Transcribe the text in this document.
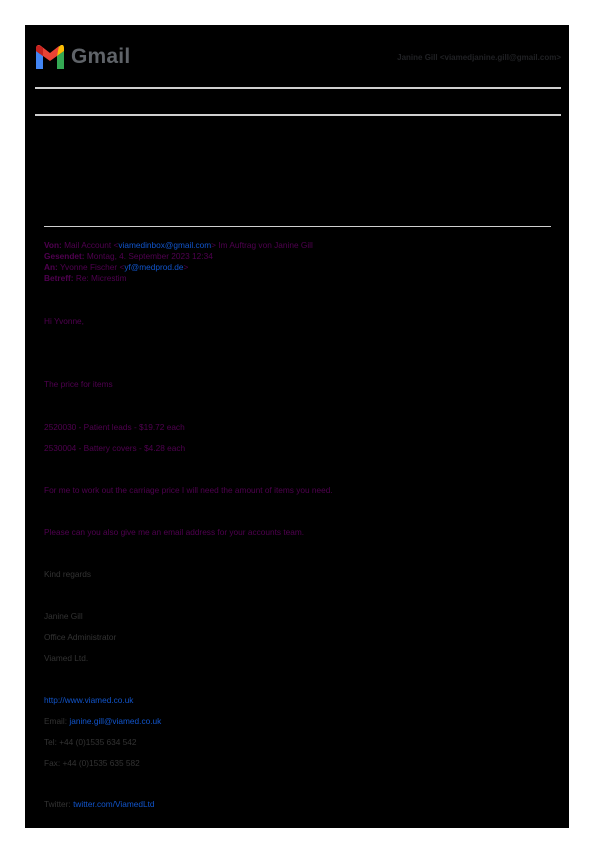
Gmail	Janine Gill <viamedjanine.gill@gmail.com>
Von: Mail Account <viamedinbox@gmail.com> Im Auftrag von Janine Gill
Gesendet: Montag, 4. September 2023 12:34
An: Yvonne Fischer <yf@medprod.de>
Betreff: Re: Micrestim
Hi Yvonne,
The price for items
2520030 - Patient leads - $19.72 each
2530004 - Battery covers - $4.28 each
For me to work out the carriage price I will need the amount of items you need.
Please can you also give me an email address for your accounts team.
Kind regards
Janine Gill
Office Administrator
Viamed Ltd.
http://www.viamed.co.uk
Email: janine.gill@viamed.co.uk
Tel: +44 (0)1535 634 542
Fax: +44 (0)1535 635 582
Twitter: twitter.com/ViamedLtd
